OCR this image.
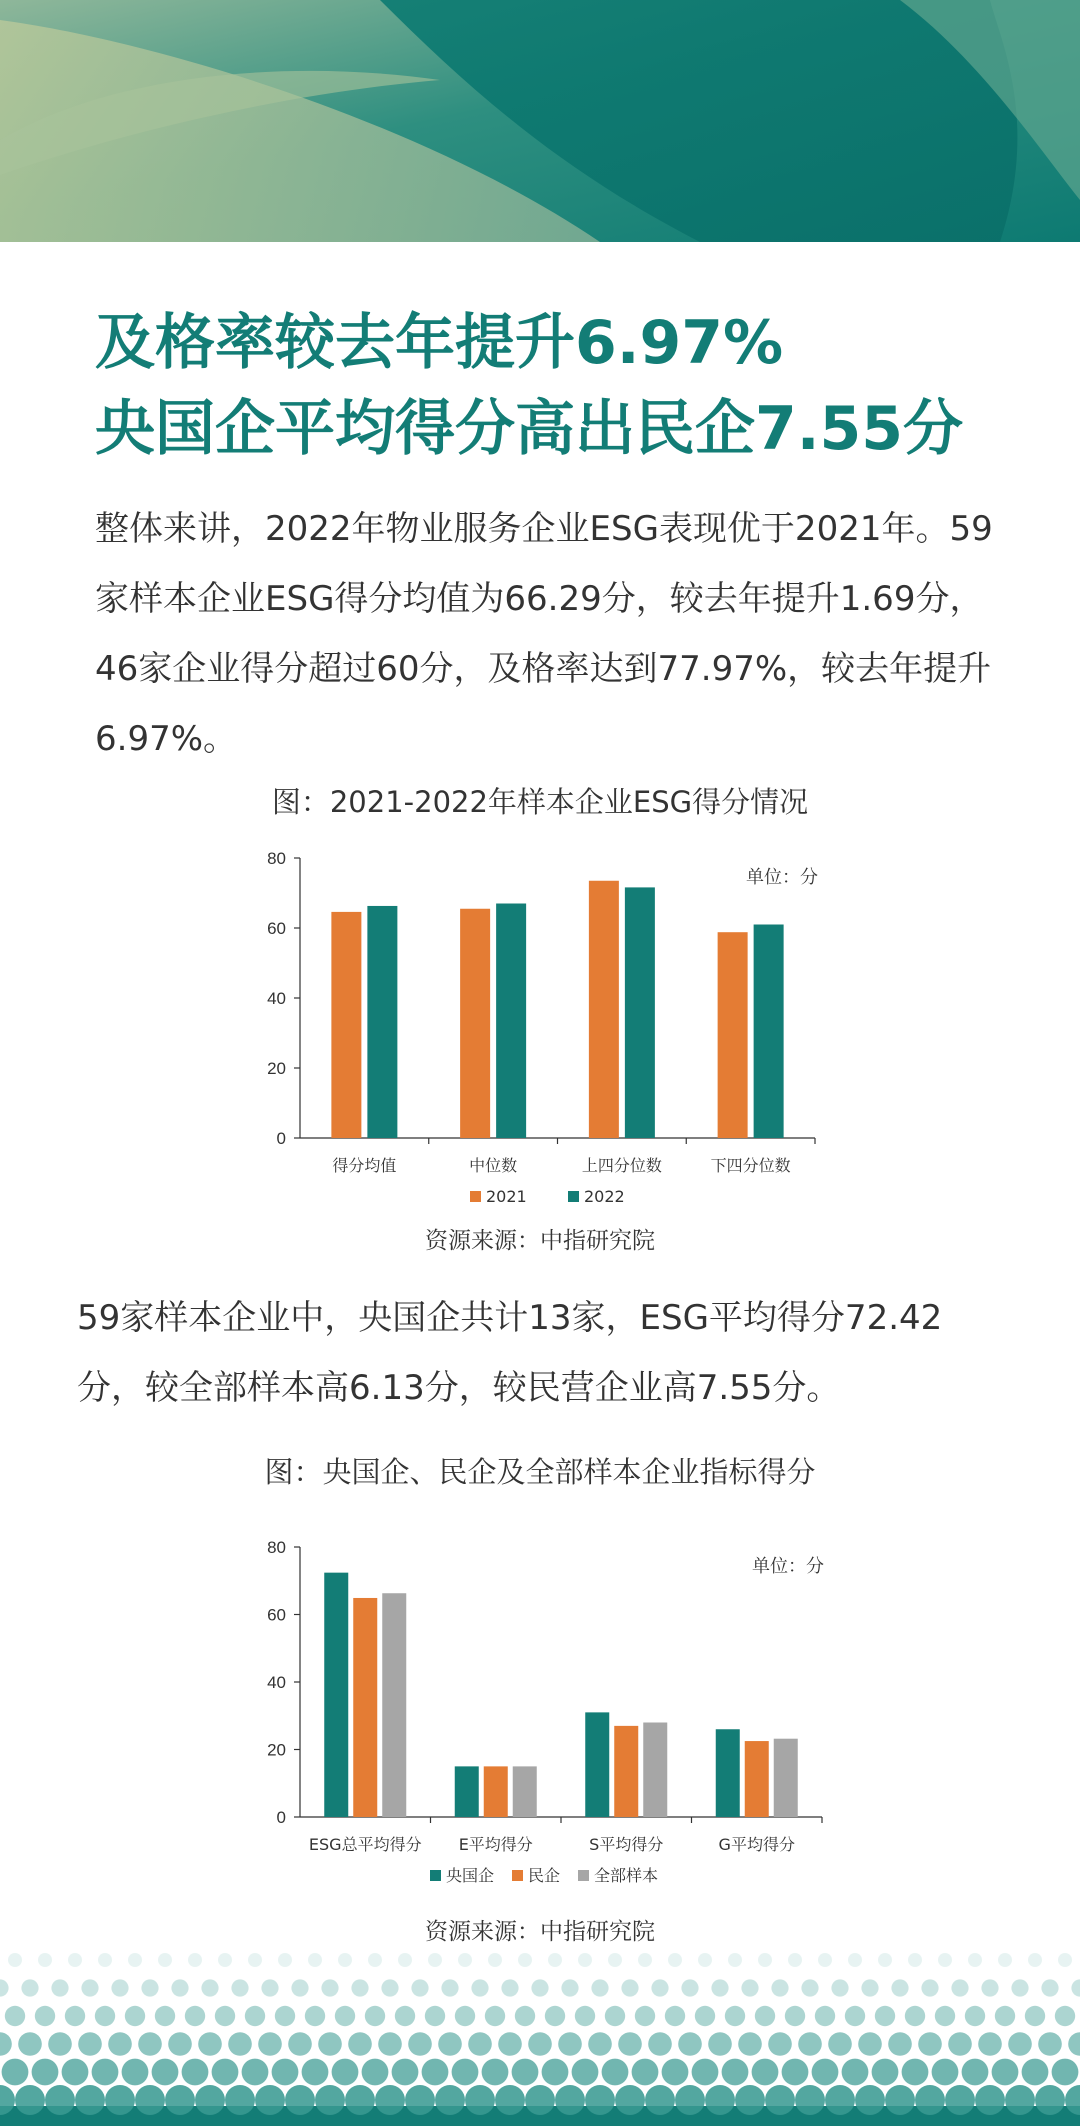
及格率较去年提升6.97%
央国企平均得分高出民企7.55分
整体来讲，2022年物业服务企业ESG表现优于2021年。59家样本企业ESG得分均值为66.29分，较去年提升1.69分，46家企业得分超过60分，及格率达到77.97%，较去年提升6.97%。
图：2021-2022年样本企业ESG得分情况
0
20
40
60
80
得分均值	中位数	上四分位数	下四分位数
单位：分
2021	2022
资源来源：中指研究院
59家样本企业中，央国企共计13家，ESG平均得分72.42分，较全部样本高6.13分，较民营企业高7.55分。
图：央国企、民企及全部样本企业指标得分
0
20
40
60
80
ESG总平均得分 E平均得分	S平均得分	G平均得分
单位：分
央国企 民企 全部样本
资源来源：中指研究院
